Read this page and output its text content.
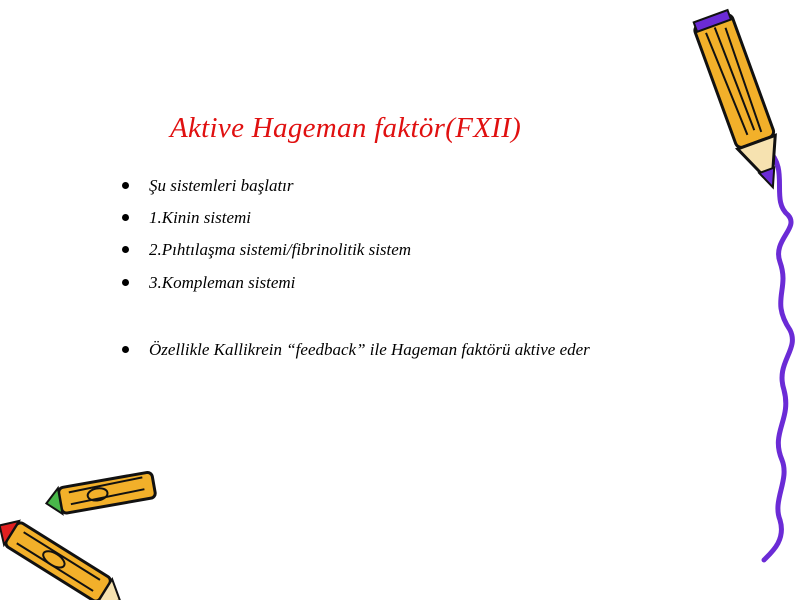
Aktive Hageman faktör(FXII)
Şu sistemleri başlatır
1.Kinin sistemi
2.Pıhtılaşma sistemi/fibrinolitik sistem
3.Kompleman sistemi
Özellikle Kallikrein “feedback” ile Hageman faktörü aktive eder
